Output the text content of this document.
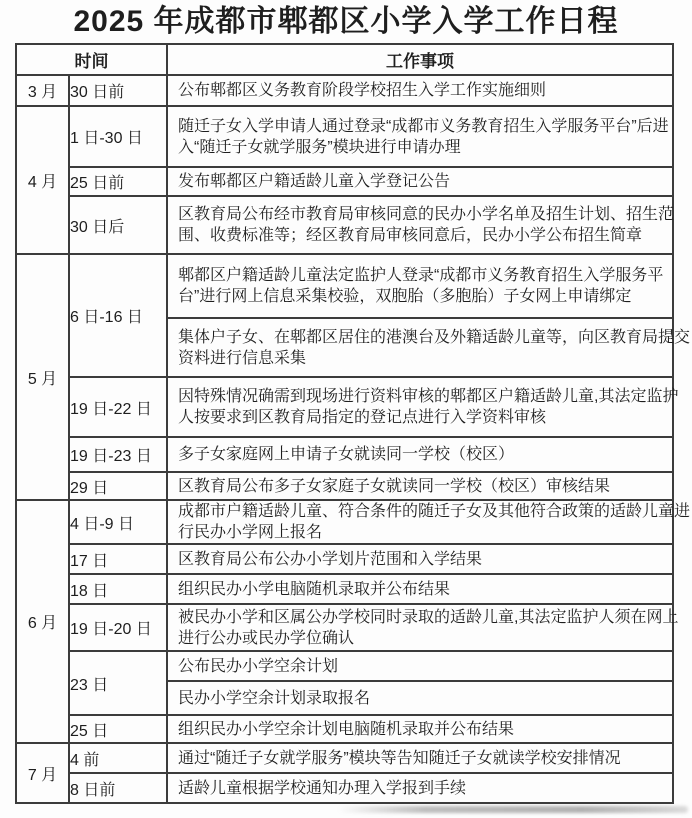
2025 年成都市郫都区小学入学工作日程
时间		工作事项
3 月	30 日前	公布郫都区义务教育阶段学校招生入学工作实施细则

4 月	1 日-30 日	随迁子女入学申请人通过登录“成都市义务教育招生入学服务平台”后进入“随迁子女就学服务”模块进行申请办理

	25 日前	发布郫都区户籍适龄儿童入学登记公告

	30 日后	区教育局公布经市教育局审核同意的民办小学名单及招生计划、招生范围、收费标准等；经区教育局审核同意后，民办小学公布招生简章

5 月	6 日-16 日	郫都区户籍适龄儿童法定监护人登录“成都市义务教育招生入学服务平台”进行网上信息采集校验，双胞胎（多胞胎）子女网上申请绑定

		集体户子女、在郫都区居住的港澳台及外籍适龄儿童等，向区教育局提交资料进行信息采集

	19 日-22 日	因特殊情况确需到现场进行资料审核的郫都区户籍适龄儿童,其法定监护人按要求到区教育局指定的登记点进行入学资料审核

	19 日-23 日	多子女家庭网上申请子女就读同一学校（校区）

	29 日	区教育局公布多子女家庭子女就读同一学校（校区）审核结果

6 月	4 日-9 日	成都市户籍适龄儿童、符合条件的随迁子女及其他符合政策的适龄儿童进行民办小学网上报名

	17 日	区教育局公布公办小学划片范围和入学结果

	18 日	组织民办小学电脑随机录取并公布结果

	19 日-20 日	被民办小学和区属公办学校同时录取的适龄儿童,其法定监护人须在网上进行公办或民办学位确认

	23 日	公布民办小学空余计划

		民办小学空余计划录取报名

	25 日	组织民办小学空余计划电脑随机录取并公布结果

7 月	4 前	通过“随迁子女就学服务”模块等告知随迁子女就读学校安排情况

	8 日前	适龄儿童根据学校通知办理入学报到手续
